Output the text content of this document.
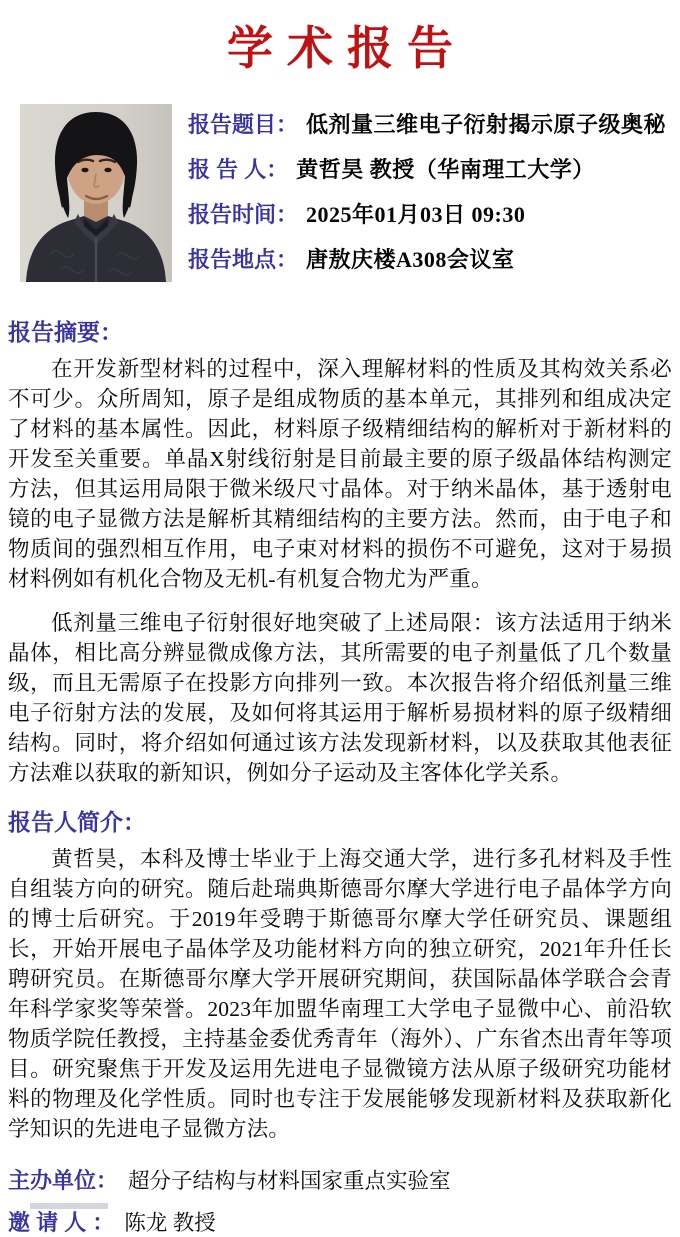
学术报告
报告题目： 低剂量三维电子衍射揭示原子级奥秘
报 告 人： 黄哲昊 教授（华南理工大学）
报告时间： 2025年01月03日 09:30
报告地点： 唐敖庆楼A308会议室
报告摘要：

在开发新型材料的过程中，深入理解材料的性质及其构效关系必不可少。众所周知，原子是组成物质的基本单元，其排列和组成决定了材料的基本属性。因此，材料原子级精细结构的解析对于新材料的开发至关重要。单晶X射线衍射是目前最主要的原子级晶体结构测定方法，但其运用局限于微米级尺寸晶体。对于纳米晶体，基于透射电镜的电子显微方法是解析其精细结构的主要方法。然而，由于电子和物质间的强烈相互作用，电子束对材料的损伤不可避免，这对于易损材料例如有机化合物及无机-有机复合物尤为严重。

低剂量三维电子衍射很好地突破了上述局限：该方法适用于纳米晶体，相比高分辨显微成像方法，其所需要的电子剂量低了几个数量级，而且无需原子在投影方向排列一致。本次报告将介绍低剂量三维电子衍射方法的发展，及如何将其运用于解析易损材料的原子级精细结构。同时，将介绍如何通过该方法发现新材料，以及获取其他表征方法难以获取的新知识，例如分子运动及主客体化学关系。

报告人简介：

黄哲昊，本科及博士毕业于上海交通大学，进行多孔材料及手性自组装方向的研究。随后赴瑞典斯德哥尔摩大学进行电子晶体学方向的博士后研究。于2019年受聘于斯德哥尔摩大学任研究员、课题组长，开始开展电子晶体学及功能材料方向的独立研究，2021年升任长聘研究员。在斯德哥尔摩大学开展研究期间，获国际晶体学联合会青年科学家奖等荣誉。2023年加盟华南理工大学电子显微中心、前沿软物质学院任教授，主持基金委优秀青年（海外）、广东省杰出青年等项目。研究聚焦于开发及运用先进电子显微镜方法从原子级研究功能材料的物理及化学性质。同时也专注于发展能够发现新材料及获取新化学知识的先进电子显微方法。

主办单位： 超分子结构与材料国家重点实验室
邀 请 人 ： 陈龙 教授
